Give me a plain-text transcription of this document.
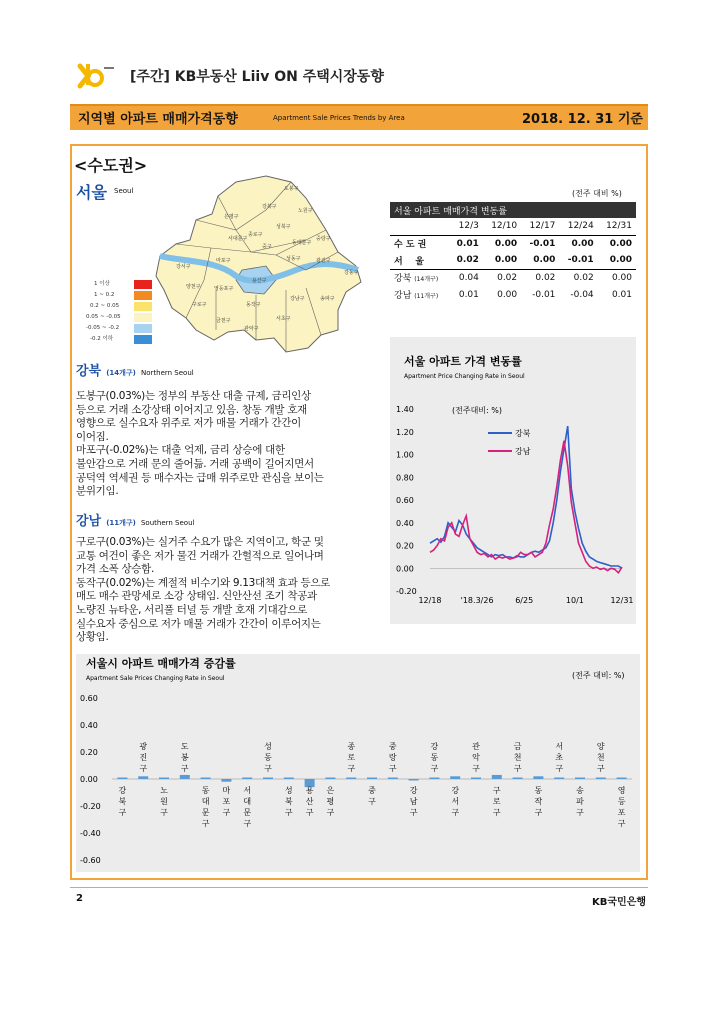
[주간] KB부동산 Liiv ON 주택시장동향
지역별 아파트 매매가격동향	Apartment Sale Prices Trends by Area	2018. 12. 31 기준
<수도권>
서울 Seoul	도봉구
노원구
강북구
은평구
성북구
중랑구
종로구
동대문구
서대문구
마포구
중구
성동구	광진구
강서구
용산구
양천구	영등포구
동작구
강동구
구로구
금천구
관악구
서초구
강남구	송파구
1 이상
1 ~ 0.2
0.2 ~ 0.05
0.05 ~ -0.05
-0.05 ~ -0.2
-0.2 이하
(전주 대비 %)
서울 아파트 매매가격 변동률					
	12/3	12/10	12/17	12/24	12/31
수 도 권	0.01	0.00	-0.01	0.00	0.00
서    울	0.02	0.00	0.00	-0.01	0.00
강북 (14개구)	0.04	0.02	0.02	0.02	0.00
강남 (11개구)	0.01	0.00	-0.01	-0.04	0.01
강북 (14개구) Northern Seoul
도봉구(0.03%)는 정부의 부동산 대출 규제, 금리인상
등으로 거래 소강상태 이어지고 있음. 창동 개발 호재
영향으로 실수요자 위주로 저가 매물 거래가 간간이
이어짐.
마포구(-0.02%)는 대출 억제, 금리 상승에 대한
불안감으로 거래 문의 줄어듦. 거래 공백이 길어지면서
공덕역 역세권 등 매수자는 급매 위주로만 관심을 보이는
분위기임.
강남 (11개구) Southern Seoul
구로구(0.03%)는 실거주 수요가 많은 지역이고, 학군 및
교통 여건이 좋은 저가 물건 거래가 간헐적으로 일어나며
가격 소폭 상승함.
동작구(0.02%)는 계절적 비수기와 9.13대책 효과 등으로
매도 매수 관망세로 소강 상태임. 신안산선 조기 착공과
노량진 뉴타운, 서리풀 터널 등 개발 호재 기대감으로
실수요자 중심으로 저가 매물 거래가 간간이 이루어지는
상황임.
서울 아파트 가격 변동률
Apartment Price Changing Rate in Seoul
(전주대비: %)
1.40
1.20
1.00
0.80
0.60
0.40
0.20
0.00
-0.20
12/18 '18.3/26	6/25	10/1	12/31
강북
강남
서울시 아파트 매매가격 증감률
Apartment Sale Prices Changing Rate in Seoul	(전주 대비: %)
0.60
0.40
0.20
0.00
-0.20
-0.40
-0.60
강
북
구
광
진
구
노
원
구
도
봉
구
동
대
문
구
마
포
구
서
대
문
구
성
동
구
성
북
구
용
산
구
은
평
구
종
로
구
중
구
중
랑
구
강
남
구
강
동
구
강
서
구
관
악
구
구
로
구
금
천
구
동
작
구
서
초
구
송
파
구
양
천
구
영
등
포
구
2	KB국민은행
